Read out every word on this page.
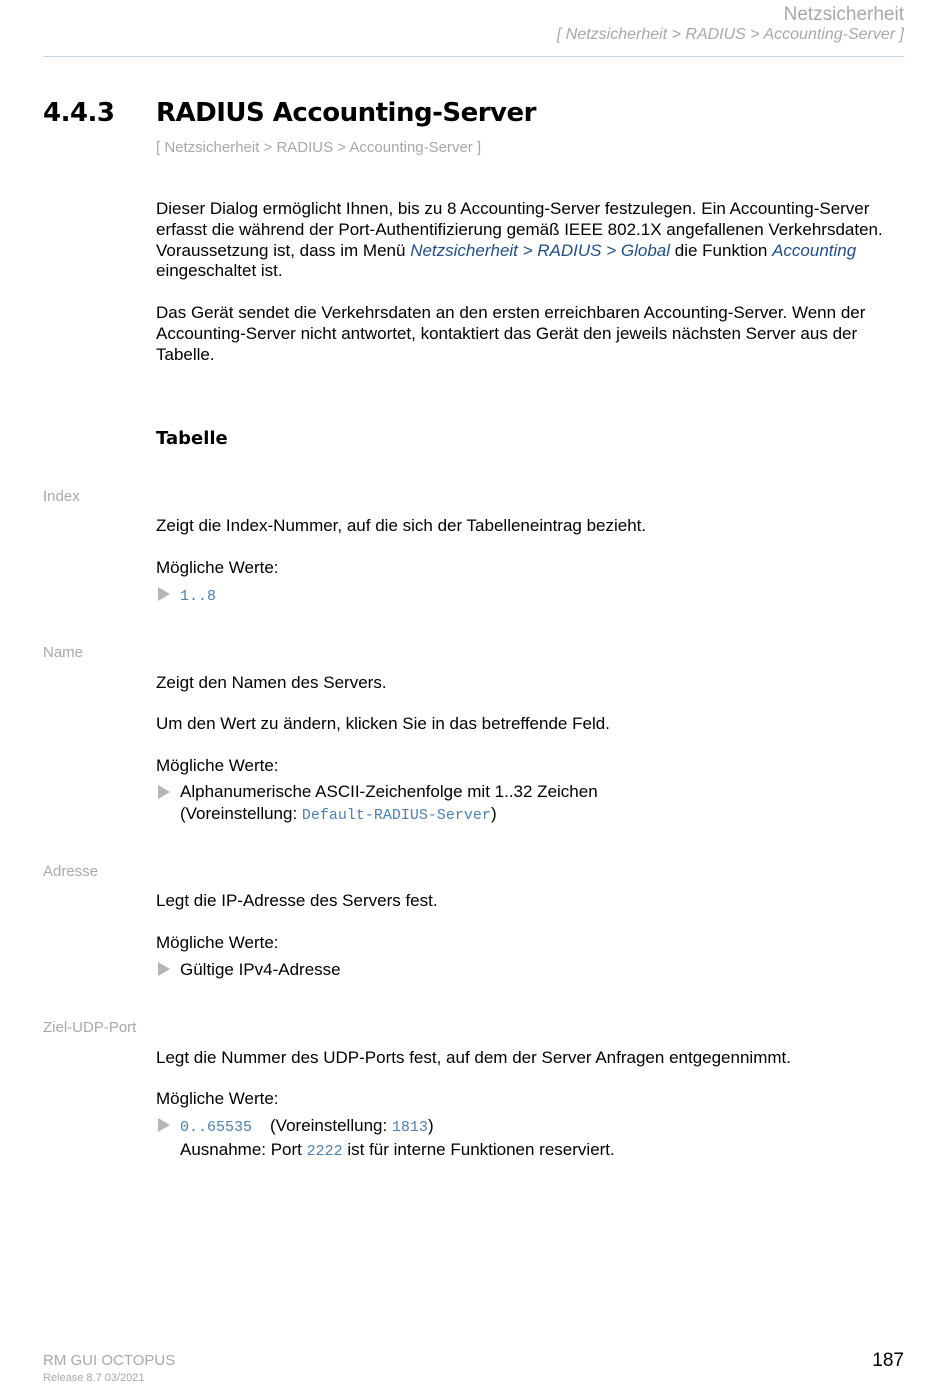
Netzsicherheit
[ Netzsicherheit > RADIUS > Accounting-Server ]
4.4.3 RADIUS Accounting-Server
[ Netzsicherheit > RADIUS > Accounting-Server ]

Dieser Dialog ermöglicht Ihnen, bis zu 8 Accounting-Server festzulegen. Ein Accounting-Server erfasst die während der Port-Authentifizierung gemäß IEEE 802.1X angefallenen Verkehrsdaten. Voraussetzung ist, dass im Menü Netzsicherheit > RADIUS > Global die Funktion Accounting eingeschaltet ist.

Das Gerät sendet die Verkehrsdaten an den ersten erreichbaren Accounting-Server. Wenn der Accounting-Server nicht antwortet, kontaktiert das Gerät den jeweils nächsten Server aus der Tabelle.

Tabelle
Index
Zeigt die Index-Nummer, auf die sich der Tabelleneintrag bezieht.
Mögliche Werte:
1..8
Name
Zeigt den Namen des Servers.
Um den Wert zu ändern, klicken Sie in das betreffende Feld.
Mögliche Werte:
Alphanumerische ASCII-Zeichenfolge mit 1..32 Zeichen
(Voreinstellung: Default-RADIUS-Server)
Adresse
Legt die IP-Adresse des Servers fest.
Mögliche Werte:
Gültige IPv4-Adresse
Ziel-UDP-Port
Legt die Nummer des UDP-Ports fest, auf dem der Server Anfragen entgegennimmt.
Mögliche Werte:
0..65535 (Voreinstellung: 1813)
Ausnahme: Port 2222 ist für interne Funktionen reserviert.
RM GUI OCTOPUS
Release 8.7 03/2021
187
